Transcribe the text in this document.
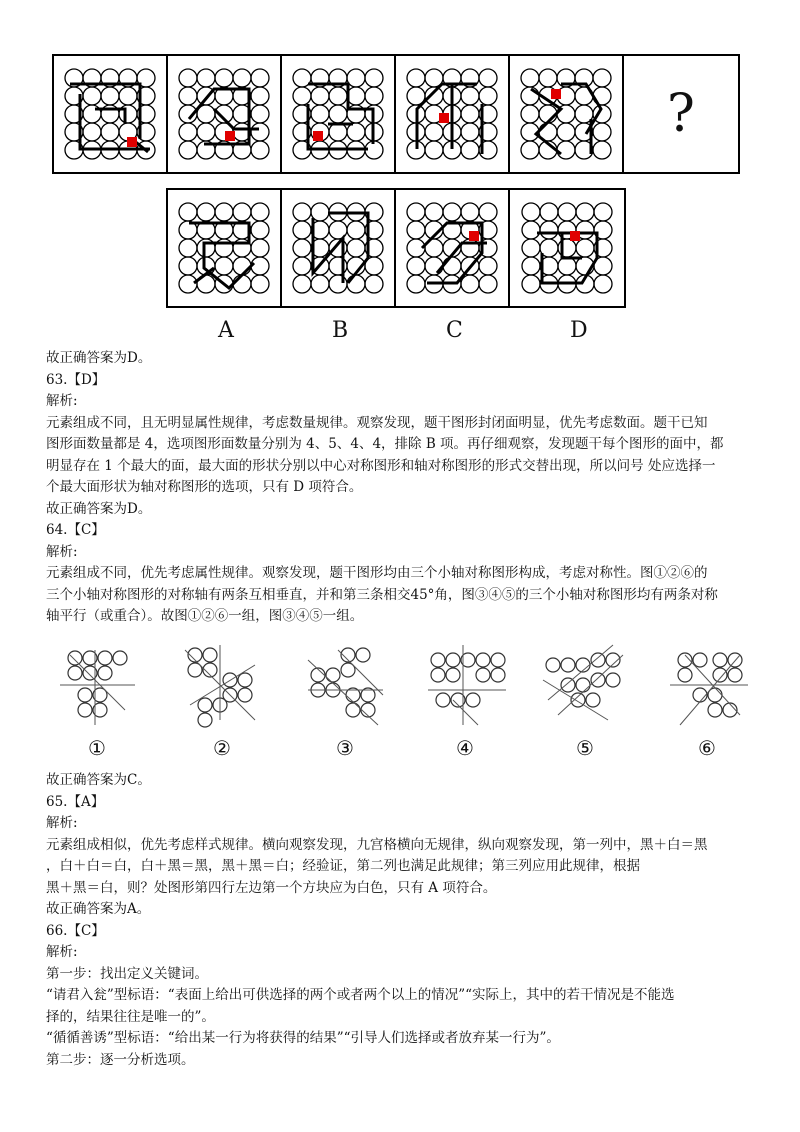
?
A	B	C	D

故正确答案为D。

63.【D】

解析:

元素组成不同，且无明显属性规律，考虑数量规律。观察发现，题干图形封闭面明显，优先考虑数面。题干已知

图形面数量都是 4，选项图形面数量分别为 4、5、4、4，排除 B 项。再仔细观察，发现题干每个图形的面中，都

明显存在 1 个最大的面，最大面的形状分别以中心对称图形和轴对称图形的形式交替出现，所以问号 处应选择一

个最大面形状为轴对称图形的选项，只有 D 项符合。

故正确答案为D。

64.【C】

解析:

元素组成不同，优先考虑属性规律。观察发现，题干图形均由三个小轴对称图形构成，考虑对称性。图①②⑥的

三个小轴对称图形的对称轴有两条互相垂直，并和第三条相交45°角，图③④⑤的三个小轴对称图形均有两条对称

轴平行（或重合）。故图①②⑥一组，图③④⑤一组。

①	②	③	④	⑤	⑥

故正确答案为C。

65.【A】

解析:

元素组成相似，优先考虑样式规律。横向观察发现，九宫格横向无规律，纵向观察发现，第一列中，黑＋白＝黑

，白＋白＝白，白＋黑＝黑，黑＋黑＝白；经验证，第二列也满足此规律；第三列应用此规律，根据

黑＋黑＝白，则？处图形第四行左边第一个方块应为白色，只有 A 项符合。

故正确答案为A。

66.【C】

解析:

第一步：找出定义关键词。

“请君入瓮”型标语：“表面上给出可供选择的两个或者两个以上的情况”“实际上，其中的若干情况是不能选

择的，结果往往是唯一的”。

“循循善诱”型标语：“给出某一行为将获得的结果”“引导人们选择或者放弃某一行为”。

第二步：逐一分析选项。
